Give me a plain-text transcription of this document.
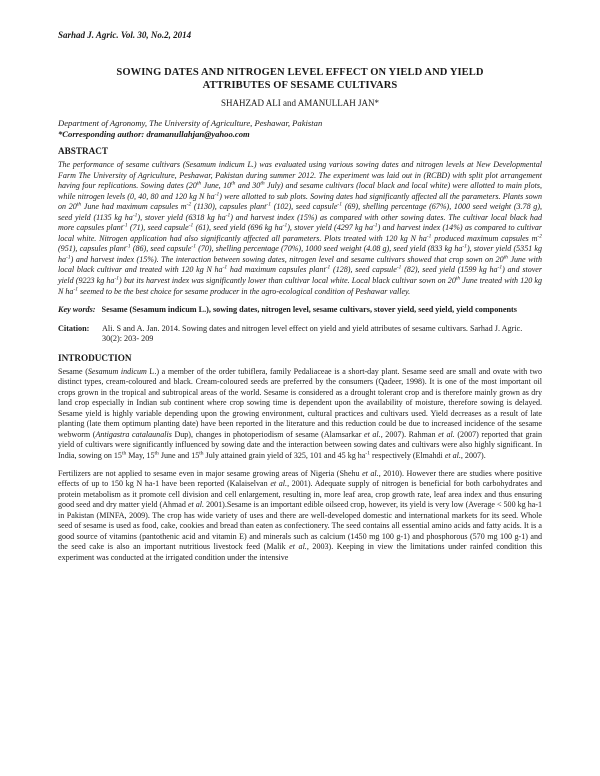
Sarhad J. Agric. Vol. 30, No.2, 2014
SOWING DATES AND NITROGEN LEVEL EFFECT ON YIELD AND YIELD
ATTRIBUTES OF SESAME CULTIVARS
SHAHZAD ALI and AMANULLAH JAN*
Department of Agronomy, The University of Agriculture, Peshawar, Pakistan
*Corresponding author: dramanullahjan@yahoo.com
ABSTRACT
The performance of sesame cultivars (Sesamum indicum L.) was evaluated using various sowing dates and nitrogen levels at New Developmental Farm The University of Agriculture, Peshawar, Pakistan during summer 2012. The experiment was laid out in (RCBD) with split plot arrangement having four replications. Sowing dates (20th June, 10th and 30th July) and sesame cultivars (local black and local white) were allotted to main plots, while nitrogen levels (0, 40, 80 and 120 kg N $ha^{-1}$) were allotted to sub plots. Sowing dates had significantly affected all the parameters. Plants sown on 20th June had maximum capsules $m^{-2}$ (1130), capsules plant$^{-1}$ (102), seed capsule$^{-1}$ (69), shelling percentage (67%), 1000 seed weight (3.78 g), seed yield (1135 kg $ha^{-1}$), stover yield (6318 kg $ha^{-1}$) and harvest index (15%) as compared with other sowing dates. The cultivar local black had more capsules plant$^{-1}$ (71), seed capsule$^{-1}$ (61), seed yield (696 kg $ha^{-1}$), stover yield (4297 kg $ha^{-1}$) and harvest index (14%) as compared to cultivar local white. Nitrogen application had also significantly affected all parameters. Plots treated with 120 kg N $ha^{-1}$ produced maximum capsules $m^{-2}$ (951), capsules plant$^{-1}$ (86), seed capsule$^{-1}$ (70), shelling percentage (70%), 1000 seed weight (4.08 g), seed yield (833 kg $ha^{-1}$), stover yield (5351 kg $ha^{-1}$) and harvest index (15%). The interaction between sowing dates, nitrogen level and sesame cultivars showed that crop sown on 20th June with local black cultivar and treated with 120 kg N $ha^{-1}$ had maximum capsules plant$^{-1}$ (128), seed capsule$^{-1}$ (82), seed yield (1599 kg $ha^{-1}$) and stover yield (9223 kg $ha^{-1}$) but its harvest index was significantly lower than cultivar local white. Local black cultivar sown on 20th June treated with 120 kg N $ha^{-1}$ seemed to be the best choice for sesame producer in the agro-ecological condition of Peshawar valley.
Key words: Sesame (Sesamum indicum L.), sowing dates, nitrogen level, sesame cultivars, stover yield, seed yield, yield components
Citation:	Ali. S and A. Jan. 2014. Sowing dates and nitrogen level effect on yield and yield attributes of sesame cultivars. Sarhad J. Agric. 30(2): 203- 209
INTRODUCTION
Sesame (Sesamum indicum L.) a member of the order tubiflera, family Pedaliaceae is a short-day plant. Sesame seed are small and ovate with two distinct types, cream-coloured and black. Cream-coloured seeds are preferred by the consumers (Qadeer, 1998). It is one of the most important oil crops grown in the tropical and subtropical areas of the world. Sesame is considered as a drought tolerant crop and is therefore mainly grown as dry land crop especially in Indian sub continent where crop sowing time is dependent upon the availability of moisture, therefore sowing is delayed. Sesame yield is highly variable depending upon the growing environment, cultural practices and cultivars used. Yield decreases as a result of late planting (late them optimum planting date) have been reported in the literature and this reduction could be due to increased incidence of the sesame webworm (Antigastra catalaunalis Dup), changes in photoperiodism of sesame (Alamsarkar et al., 2007). Rahman et al. (2007) reported that grain yield of cultivars were significantly influenced by sowing date and the interaction between sowing dates and cultivars were also highly significant. In India, sowing on 15th May, 15th June and 15th July attained grain yield of 325, 101 and 45 kg $ha^{-1}$ respectively (Elmahdi et al., 2007).
Fertilizers are not applied to sesame even in major sesame growing areas of Nigeria (Shehu et al., 2010). However there are studies where positive effects of up to 150 kg N ha-1 have been reported (Kalaiselvan et al., 2001). Adequate supply of nitrogen is beneficial for both carbohydrates and protein metabolism as it promote cell division and cell enlargement, resulting in, more leaf area, crop growth rate, leaf area index and thus ensuring good seed and dry matter yield (Ahmad et al. 2001).Sesame is an important edible oilseed crop, however, its yield is very low (Average < 500 kg ha-1 in Pakistan (MINFA, 2009). The crop has wide variety of uses and there are well-developed domestic and international markets for its seed. Whole seed of sesame is used as food, cake, cookies and bread than eaten as confectionery. The seed contains all essential amino acids and fatty acids. It is a good source of vitamins (pantothenic acid and vitamin E) and minerals such as calcium (1450 mg 100 g-1) and phosphorous (570 mg 100 g-1) and the seed cake is also an important nutritious livestock feed (Malik et al., 2003). Keeping in view the limitations under rainfed condition this experiment was conducted at the irrigated condition under the intensive
